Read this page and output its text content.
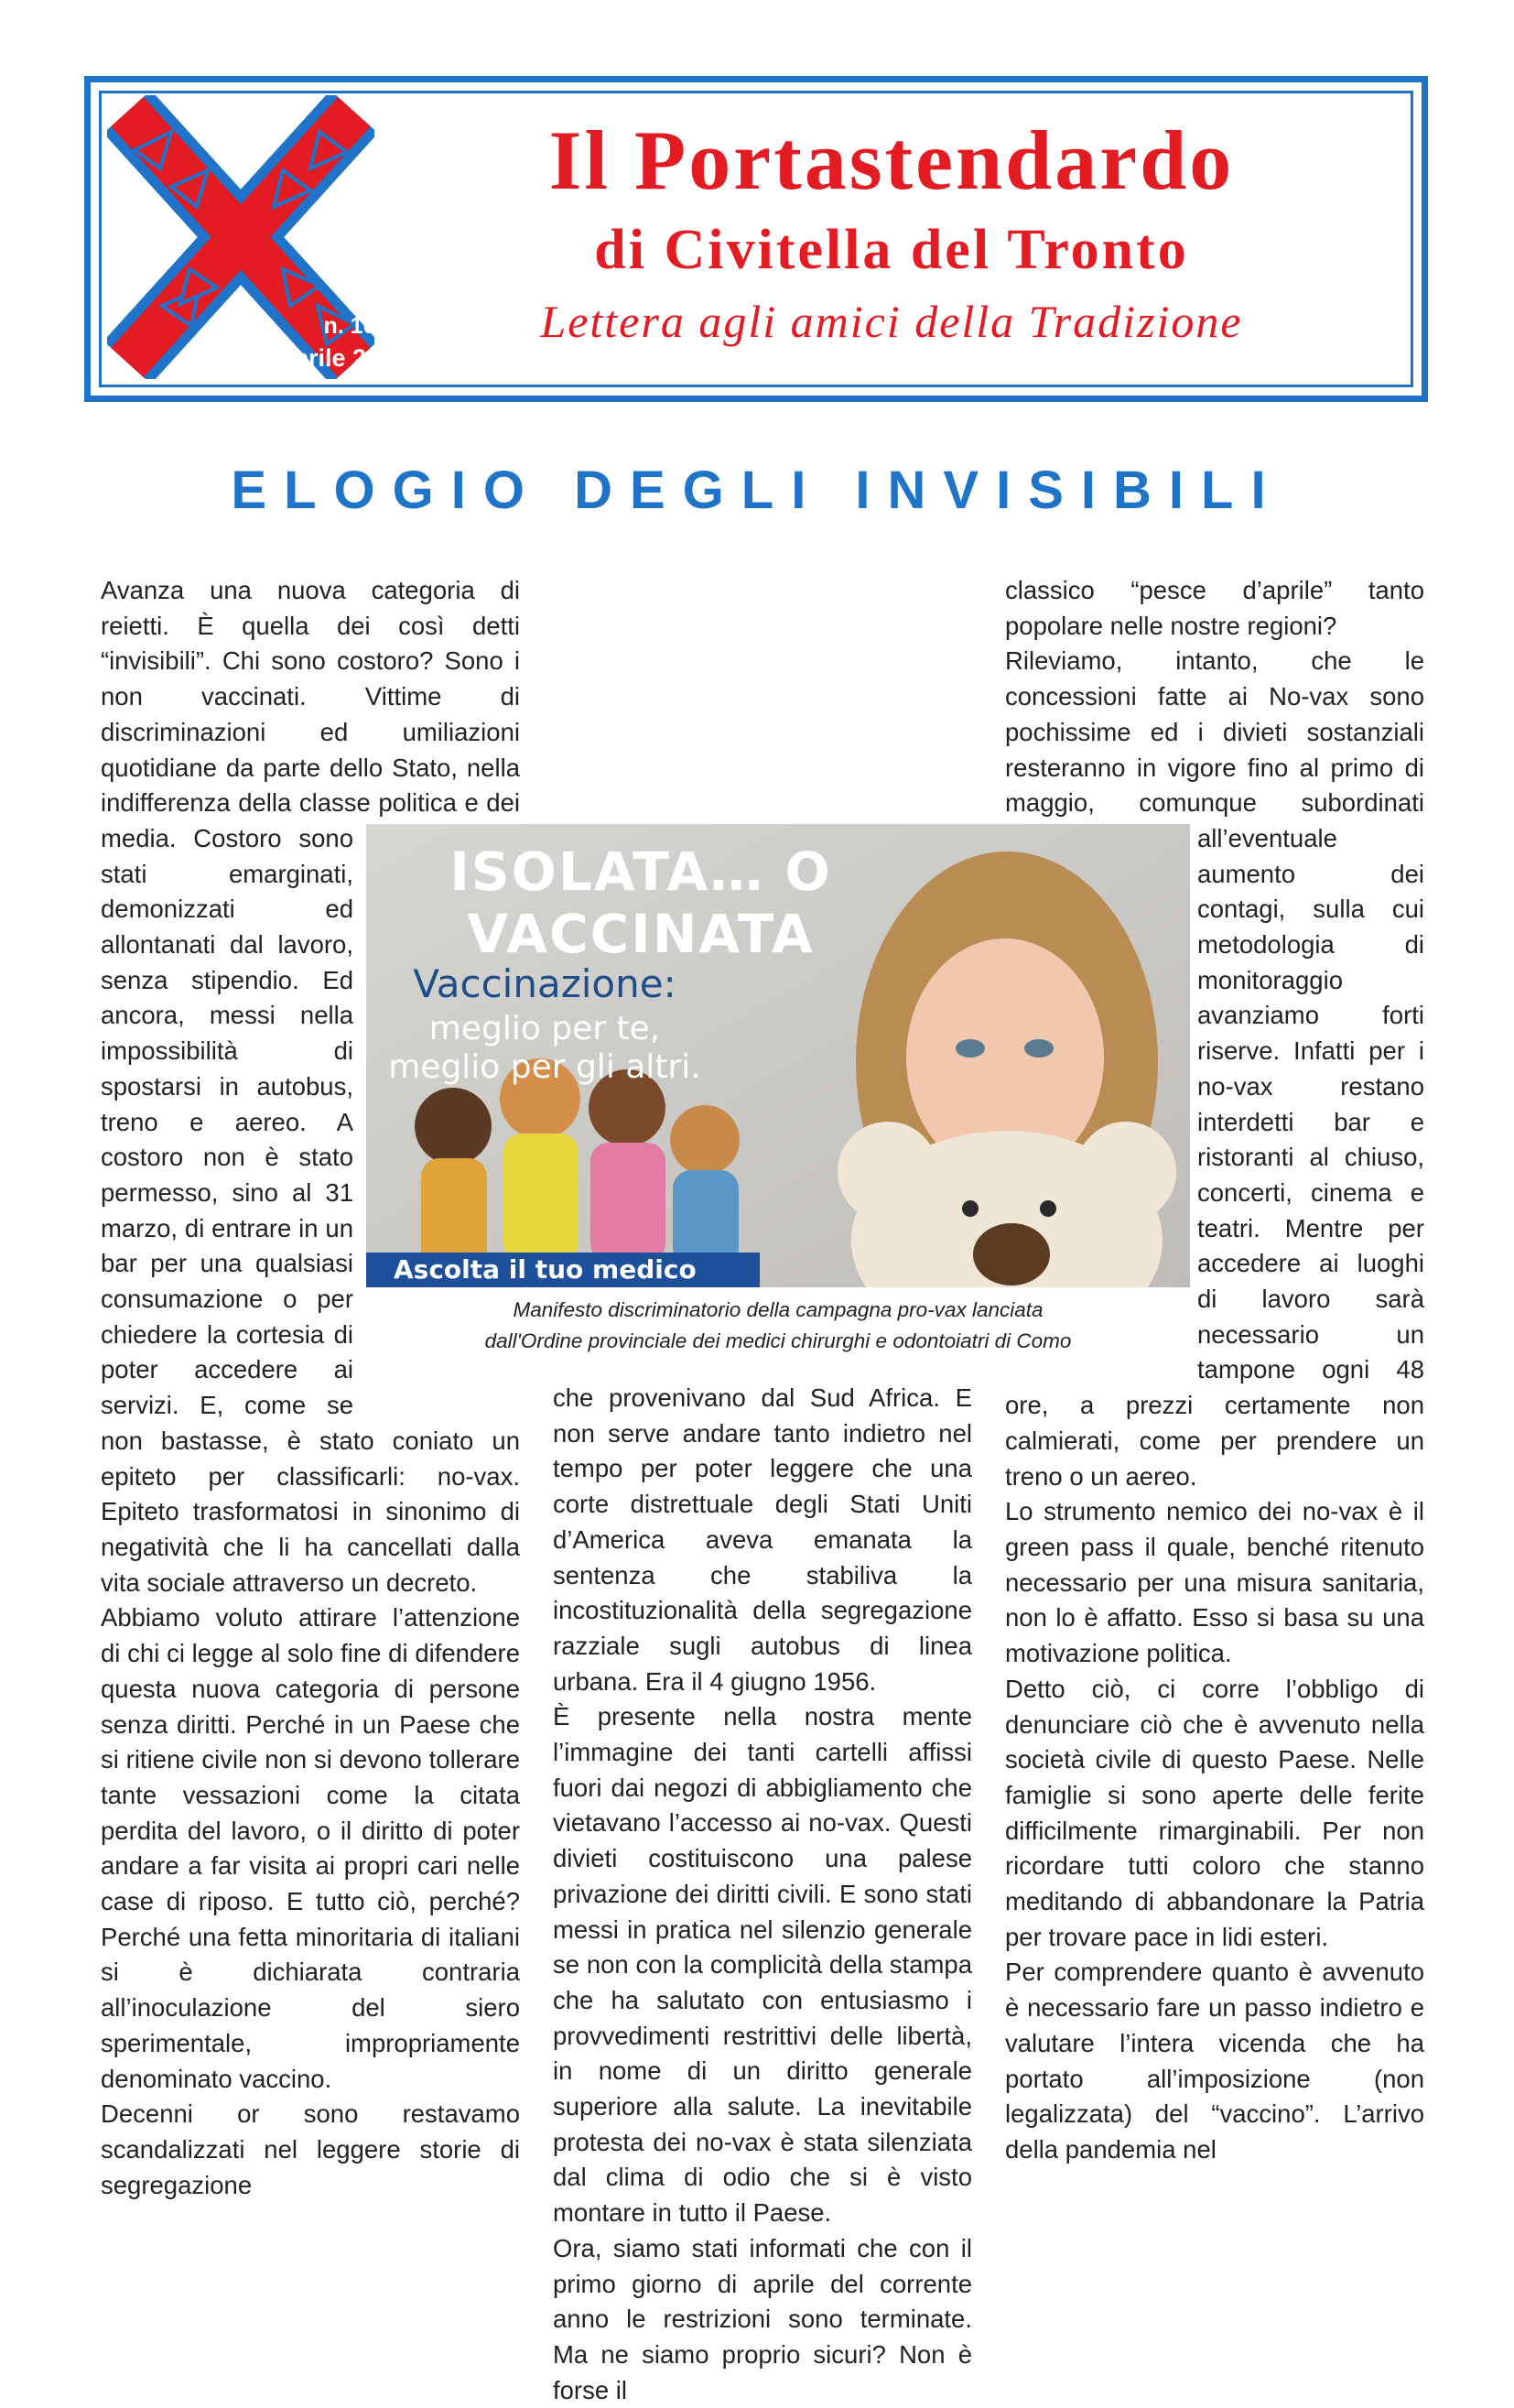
n. 10
Aprile 2022
Il Portastendardo
di Civitella del Tronto
Lettera agli amici della Tradizione
ELOGIO DEGLI INVISIBILI

Avanza una nuova categoria di reietti. È quella dei così detti “invisibili”. Chi sono costoro? Sono i non vaccinati. Vittime di discriminazioni ed umiliazioni quotidiane da parte dello Stato, nella indifferenza della classe politica e dei media. Costoro sono stati emarginati, demonizzati ed allontanati dal lavoro, senza stipendio. Ed ancora, messi nella impossibilità di spostarsi in autobus, treno e aereo. A costoro non è stato permesso, sino al 31 marzo, di entrare in un bar per una qualsiasi consumazione o per chiedere la cortesia di poter accedere ai servizi. E, come se non bastasse, è stato coniato un epiteto per classificarli: no-vax. Epiteto trasformatosi in sinonimo di negatività che li ha cancellati dalla vita sociale attraverso un decreto.

Abbiamo voluto attirare l’attenzione di chi ci legge al solo fine di difendere questa nuova categoria di persone senza diritti. Perché in un Paese che si ritiene civile non si devono tollerare tante vessazioni come la citata perdita del lavoro, o il diritto di poter andare a far visita ai propri cari nelle case di riposo. E tutto ciò, perché? Perché una fetta minoritaria di italiani si è dichiarata contraria all’inoculazione del siero sperimentale, impropriamente denominato vaccino.

Decenni or sono restavamo scandalizzati nel leggere storie di segregazione

che provenivano dal Sud Africa. E non serve andare tanto indietro nel tempo per poter leggere che una corte distrettuale degli Stati Uniti d’America aveva emanata la sentenza che stabiliva la incostituzionalità della segregazione razziale sugli autobus di linea urbana. Era il 4 giugno 1956.

È presente nella nostra mente l’immagine dei tanti cartelli affissi fuori dai negozi di abbigliamento che vietavano l’accesso ai no-vax. Questi divieti costituiscono una palese privazione dei diritti civili. E sono stati messi in pratica nel silenzio generale se non con la complicità della stampa che ha salutato con entusiasmo i provvedimenti restrittivi delle libertà, in nome di un diritto generale superiore alla salute. La inevitabile protesta dei no-vax è stata silenziata dal clima di odio che si è visto montare in tutto il Paese.

Ora, siamo stati informati che con il primo giorno di aprile del corrente anno le restrizioni sono terminate. Ma ne siamo proprio sicuri? Non è forse il

classico “pesce d’aprile” tanto popolare nelle nostre regioni?

Rileviamo, intanto, che le concessioni fatte ai No-vax sono pochissime ed i divieti sostanziali resteranno in vigore fino al primo di maggio, comunque subordinati all’eventuale aumento dei contagi, sulla cui metodologia di monitoraggio avanziamo forti riserve. Infatti per i no-vax restano interdetti bar e ristoranti al chiuso, concerti, cinema e teatri. Mentre per accedere ai luoghi di lavoro sarà necessario un tampone ogni 48 ore, a prezzi certamente non calmierati, come per prendere un treno o un aereo.

Lo strumento nemico dei no-vax è il green pass il quale, benché ritenuto necessario per una misura sanitaria, non lo è affatto. Esso si basa su una motivazione politica.

Detto ciò, ci corre l’obbligo di denunciare ciò che è avvenuto nella società civile di questo Paese. Nelle famiglie si sono aperte delle ferite difficilmente rimarginabili. Per non ricordare tutti coloro che stanno meditando di abbandonare la Patria per trovare pace in lidi esteri.

Per comprendere quanto è avvenuto è necessario fare un passo indietro e valutare l’intera vicenda che ha portato all’imposizione (non legalizzata) del “vaccino”. L’arrivo della pandemia nel

ISOLATA… O VACCINATA
Vaccinazione:
meglio per te,
meglio per gli altri.
Ascolta il tuo medico

Manifesto discriminatorio della campagna pro-vax lanciata

dall'Ordine provinciale dei medici chirurghi e odontoiatri di Como
